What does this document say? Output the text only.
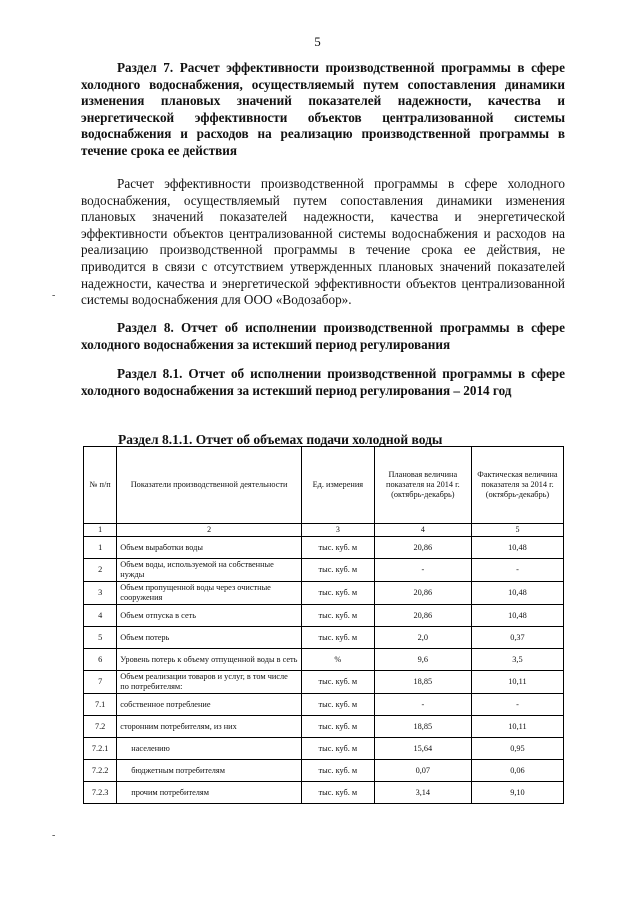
5
Раздел 7. Расчет эффективности производственной программы в сфере холодного водоснабжения, осуществляемый путем сопоставления динамики изменения плановых значений показателей надежности, качества и энергетической эффективности объектов централизованной системы водоснабжения и расходов на реализацию производственной программы в течение срока ее действия
Расчет эффективности производственной программы в сфере холодного водоснабжения, осуществляемый путем сопоставления динамики изменения плановых значений показателей надежности, качества и энергетической эффективности объектов централизованной системы водоснабжения и расходов на реализацию производственной программы в течение срока ее действия, не приводится в связи с отсутствием утвержденных плановых значений показателей надежности, качества и энергетической эффективности объектов централизованной системы водоснабжения для ООО «Водозабор».
Раздел 8. Отчет об исполнении производственной программы в сфере холодного водоснабжения за истекший период регулирования
Раздел 8.1. Отчет об исполнении производственной программы в сфере холодного водоснабжения за истекший период регулирования – 2014 год
Раздел 8.1.1. Отчет об объемах подачи холодной воды
№ п/п	Показатели производственной деятельности	Ед. измерения	Плановая величина показателя на 2014 г. (октябрь-декабрь)	Фактическая величина показателя за 2014 г. (октябрь-декабрь)
1	2	3	4	5
1	Объем выработки воды	тыс. куб. м	20,86	10,48
2	Объем воды, используемой на собственные нужды	тыс. куб. м	-	-
3	Объем пропущенной воды через очистные сооружения	тыс. куб. м	20,86	10,48
4	Объем отпуска в сеть	тыс. куб. м	20,86	10,48
5	Объем потерь	тыс. куб. м	2,0	0,37
6	Уровень потерь к объему отпущенной воды в сеть	%	9,6	3,5
7	Объем реализации товаров и услуг, в том числе по потребителям:	тыс. куб. м	18,85	10,11
7.1	собственное потребление	тыс. куб. м	-	-
7.2	сторонним потребителям, из них	тыс. куб. м	18,85	10,11
7.2.1	населению	тыс. куб. м	15,64	0,95
7.2.2	бюджетным потребителям	тыс. куб. м	0,07	0,06
7.2.3	прочим потребителям	тыс. куб. м	3,14	9,10
-
-
